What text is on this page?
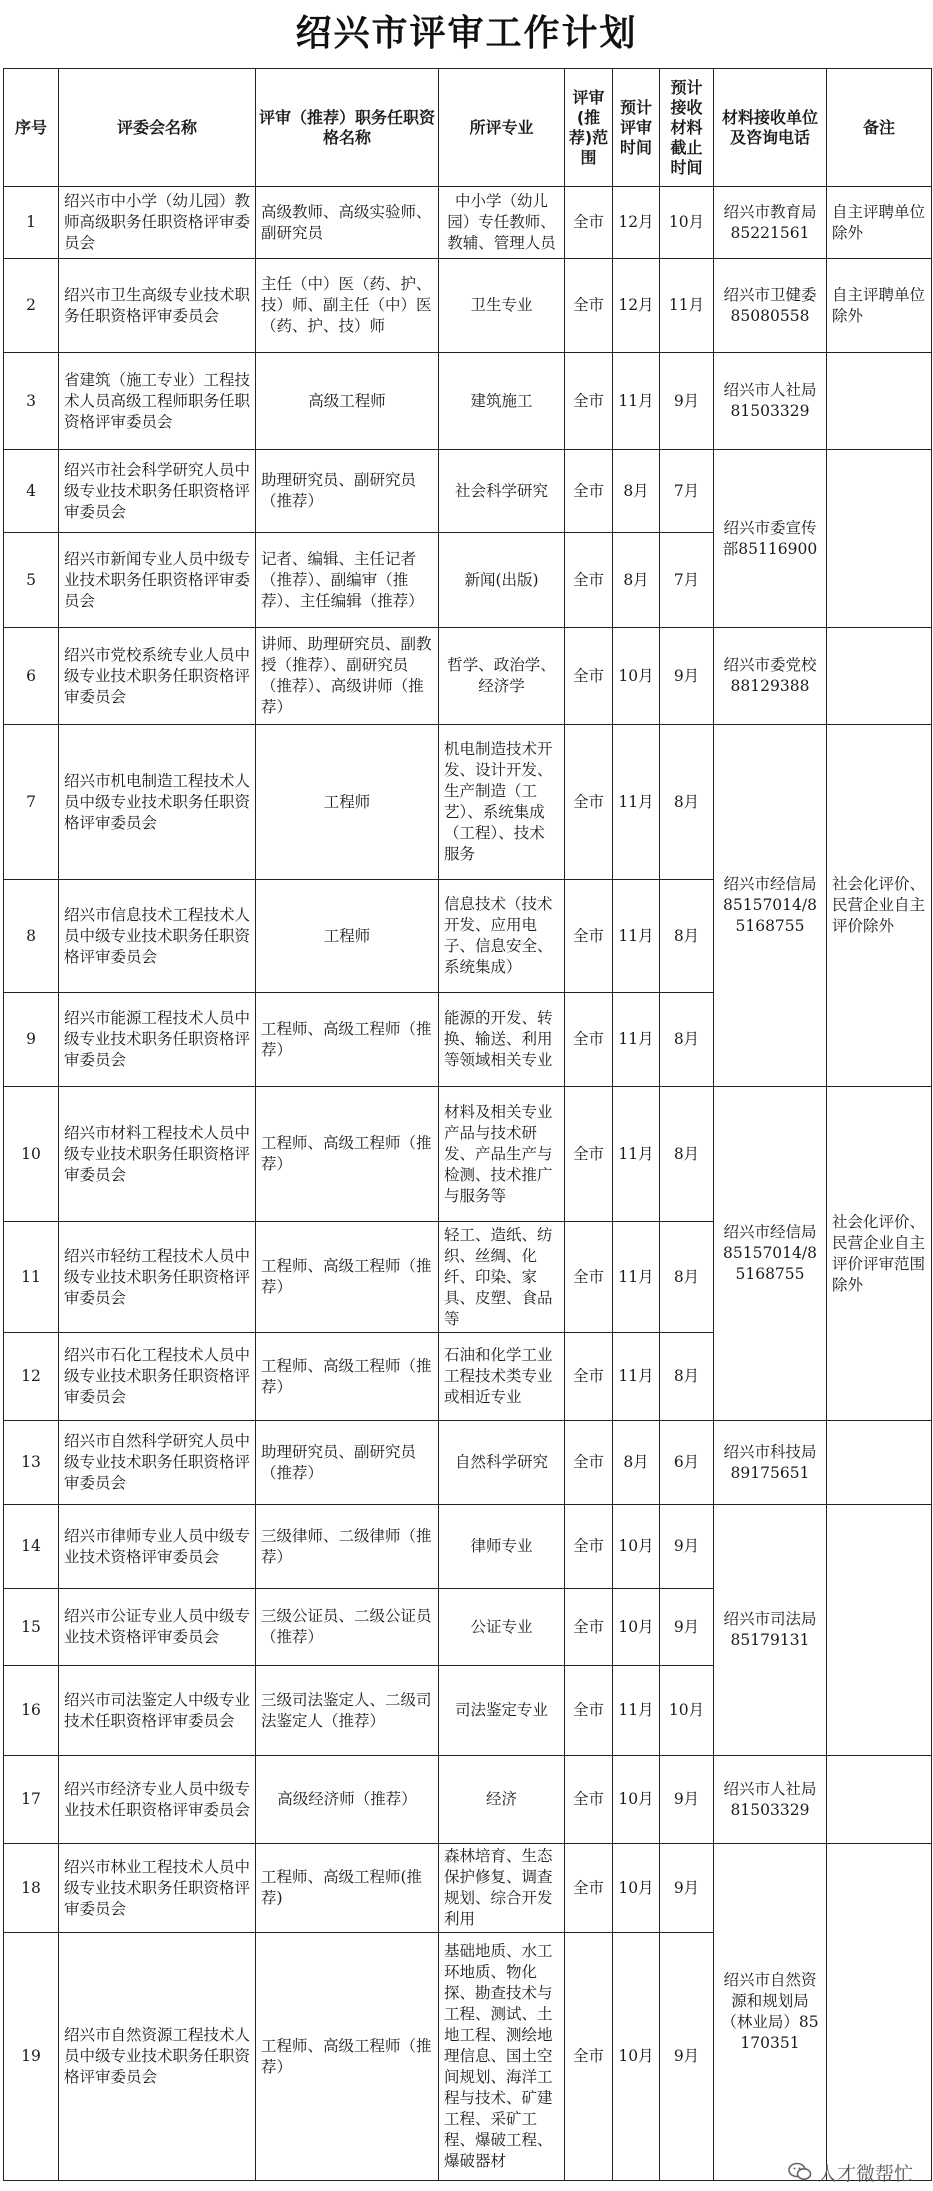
绍兴市评审工作计划
序号	评委会名称	评审（推荐）职务任职资格名称	所评专业	评审(推荐)范围	预计评审时间	预计接收材料截止时间	材料接收单位及咨询电话	备注
1	绍兴市中小学（幼儿园）教师高级职务任职资格评审委员会	高级教师、高级实验师、副研究员	中小学（幼儿园）专任教师、教辅、管理人员	全市	12月	10月	绍兴市教育局85221561	自主评聘单位除外
2	绍兴市卫生高级专业技术职务任职资格评审委员会	主任（中）医（药、护、技）师、副主任（中）医（药、护、技）师	卫生专业	全市	12月	11月	绍兴市卫健委85080558	自主评聘单位除外
3	省建筑（施工专业）工程技术人员高级工程师职务任职资格评审委员会	高级工程师	建筑施工	全市	11月	9月	绍兴市人社局81503329	
4	绍兴市社会科学研究人员中级专业技术职务任职资格评审委员会	助理研究员、副研究员（推荐）	社会科学研究	全市	8月	7月	绍兴市委宣传部85116900	
5	绍兴市新闻专业人员中级专业技术职务任职资格评审委员会	记者、编辑、主任记者（推荐）、副编审（推荐）、主任编辑（推荐）	新闻(出版)	全市	8月	7月		
6	绍兴市党校系统专业人员中级专业技术职务任职资格评审委员会	讲师、助理研究员、副教授（推荐）、副研究员（推荐）、高级讲师（推荐）	哲学、政治学、经济学	全市	10月	9月	绍兴市委党校88129388	
7	绍兴市机电制造工程技术人员中级专业技术职务任职资格评审委员会	工程师	机电制造技术开发、设计开发、生产制造（工艺）、系统集成（工程）、技术服务	全市	11月	8月	绍兴市经信局85157014/85168755	社会化评价、民营企业自主评价除外
8	绍兴市信息技术工程技术人员中级专业技术职务任职资格评审委员会	工程师	信息技术（技术开发、应用电子、信息安全、系统集成）	全市	11月	8月		
9	绍兴市能源工程技术人员中级专业技术职务任职资格评审委员会	工程师、高级工程师（推荐）	能源的开发、转换、输送、利用等领域相关专业	全市	11月	8月		
10	绍兴市材料工程技术人员中级专业技术职务任职资格评审委员会	工程师、高级工程师（推荐）	材料及相关专业产品与技术研发、产品生产与检测、技术推广与服务等	全市	11月	8月	绍兴市经信局85157014/85168755	社会化评价、民营企业自主评价评审范围除外
11	绍兴市轻纺工程技术人员中级专业技术职务任职资格评审委员会	工程师、高级工程师（推荐）	轻工、造纸、纺织、丝绸、化纤、印染、家具、皮塑、食品等	全市	11月	8月		
12	绍兴市石化工程技术人员中级专业技术职务任职资格评审委员会	工程师、高级工程师（推荐）	石油和化学工业工程技术类专业或相近专业	全市	11月	8月		
13	绍兴市自然科学研究人员中级专业技术职务任职资格评审委员会	助理研究员、副研究员（推荐）	自然科学研究	全市	8月	6月	绍兴市科技局89175651	
14	绍兴市律师专业人员中级专业技术资格评审委员会	三级律师、二级律师（推荐）	律师专业	全市	10月	9月	绍兴市司法局85179131	
15	绍兴市公证专业人员中级专业技术资格评审委员会	三级公证员、二级公证员（推荐）	公证专业	全市	10月	9月		
16	绍兴市司法鉴定人中级专业技术任职资格评审委员会	三级司法鉴定人、二级司法鉴定人（推荐）	司法鉴定专业	全市	11月	10月		
17	绍兴市经济专业人员中级专业技术任职资格评审委员会	高级经济师（推荐）	经济	全市	10月	9月	绍兴市人社局81503329	
18	绍兴市林业工程技术人员中级专业技术职务任职资格评审委员会	工程师、高级工程师(推荐)	森林培育、生态保护修复、调查规划、综合开发利用	全市	10月	9月	绍兴市自然资源和规划局（林业局）85170351	
19	绍兴市自然资源工程技术人员中级专业技术职务任职资格评审委员会	工程师、高级工程师（推荐）	基础地质、水工环地质、物化探、勘查技术与工程、测试、土地工程、测绘地理信息、国土空间规划、海洋工程与技术、矿建工程、采矿工程、爆破工程、爆破器材	全市	10月	9月		
人才微帮忙
